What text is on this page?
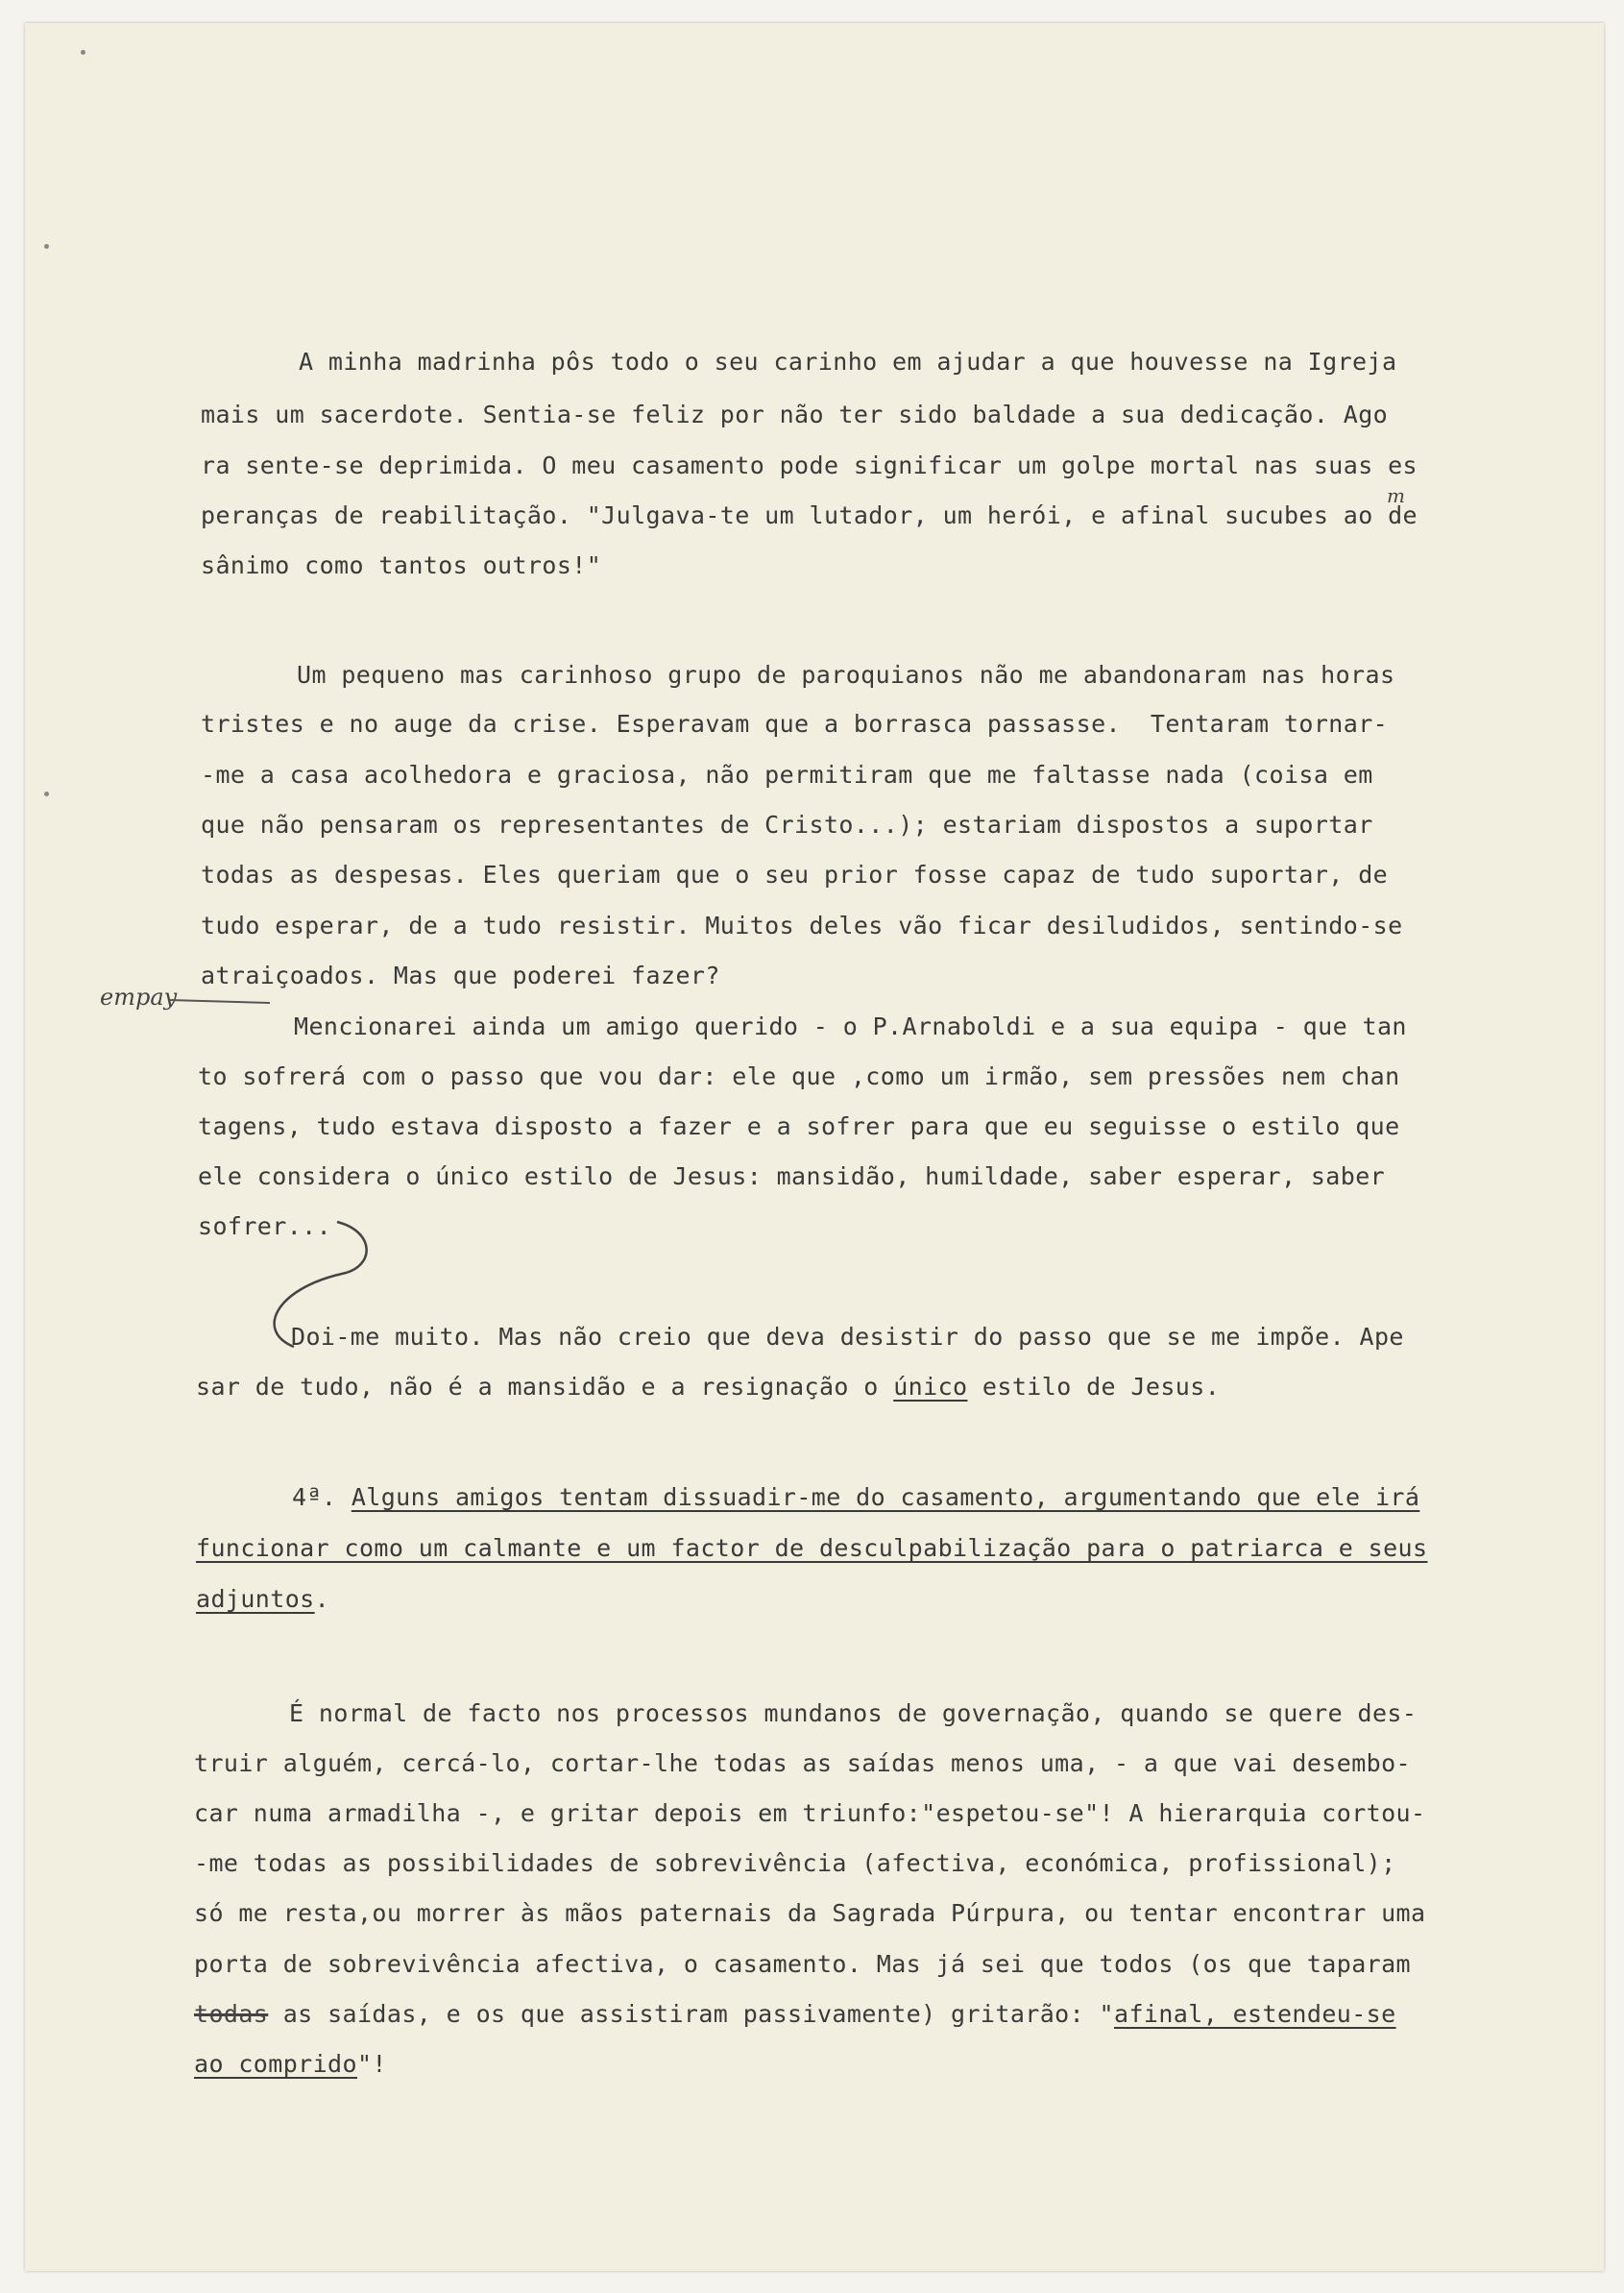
A minha madrinha pôs todo o seu carinho em ajudar a que houvesse na Igreja
mais um sacerdote. Sentia-se feliz por não ter sido baldade a sua dedicação. Ago
ra sente-se deprimida. O meu casamento pode significar um golpe mortal nas suas es
peranças de reabilitação. "Julgava-te um lutador, um herói, e afinal sucubes ao de
sânimo como tantos outros!"
Um pequeno mas carinhoso grupo de paroquianos não me abandonaram nas horas
tristes e no auge da crise. Esperavam que a borrasca passasse.  Tentaram tornar-
-me a casa acolhedora e graciosa, não permitiram que me faltasse nada (coisa em
que não pensaram os representantes de Cristo...); estariam dispostos a suportar
todas as despesas. Eles queriam que o seu prior fosse capaz de tudo suportar, de
tudo esperar, de a tudo resistir. Muitos deles vão ficar desiludidos, sentindo-se
atraiçoados. Mas que poderei fazer?
Mencionarei ainda um amigo querido - o P.Arnaboldi e a sua equipa - que tan
to sofrerá com o passo que vou dar: ele que ,como um irmão, sem pressões nem chan
tagens, tudo estava disposto a fazer e a sofrer para que eu seguisse o estilo que
ele considera o único estilo de Jesus: mansidão, humildade, saber esperar, saber
sofrer...
Doi-me muito. Mas não creio que deva desistir do passo que se me impõe. Ape
sar de tudo, não é a mansidão e a resignação o único estilo de Jesus.
4ª. Alguns amigos tentam dissuadir-me do casamento, argumentando que ele irá
funcionar como um calmante e um factor de desculpabilização para o patriarca e seus
adjuntos.
É normal de facto nos processos mundanos de governação, quando se quere des-
truir alguém, cercá-lo, cortar-lhe todas as saídas menos uma, - a que vai desembo-
car numa armadilha -, e gritar depois em triunfo:"espetou-se"! A hierarquia cortou-
-me todas as possibilidades de sobrevivência (afectiva, económica, profissional);
só me resta,ou morrer às mãos paternais da Sagrada Púrpura, ou tentar encontrar uma
porta de sobrevivência afectiva, o casamento. Mas já sei que todos (os que taparam
todas as saídas, e os que assistiram passivamente) gritarão: "afinal, estendeu-se
ao comprido"!
empay
m
